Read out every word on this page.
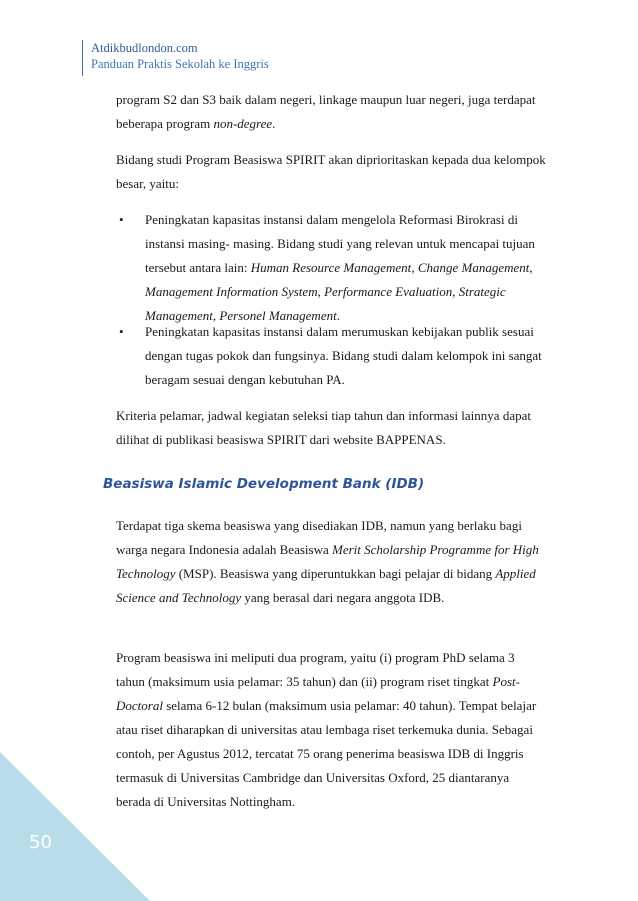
Atdikbudlondon.com
Panduan Praktis Sekolah ke Inggris

program S2 dan S3 baik dalam negeri, linkage maupun luar negeri, juga terdapat beberapa program non-degree.

Bidang studi Program Beasiswa SPIRIT akan diprioritaskan kepada dua kelompok besar, yaitu:

• Peningkatan kapasitas instansi dalam mengelola Reformasi Birokrasi di instansi masing- masing. Bidang studi yang relevan untuk mencapai tujuan tersebut antara lain: Human Resource Management, Change Management, Management Information System, Performance Evaluation, Strategic Management, Personel Management.
• Peningkatan kapasitas instansi dalam merumuskan kebijakan publik sesuai dengan tugas pokok dan fungsinya. Bidang studi dalam kelompok ini sangat beragam sesuai dengan kebutuhan PA.

Kriteria pelamar, jadwal kegiatan seleksi tiap tahun dan informasi lainnya dapat dilihat di publikasi beasiswa SPIRIT dari website BAPPENAS.

Beasiswa Islamic Development Bank (IDB)

Terdapat tiga skema beasiswa yang disediakan IDB, namun yang berlaku bagi warga negara Indonesia adalah Beasiswa Merit Scholarship Programme for High Technology (MSP). Beasiswa yang diperuntukkan bagi pelajar di bidang Applied Science and Technology yang berasal dari negara anggota IDB.

Program beasiswa ini meliputi dua program, yaitu (i) program PhD selama 3 tahun (maksimum usia pelamar: 35 tahun) dan (ii) program riset tingkat Post-Doctoral selama 6-12 bulan (maksimum usia pelamar: 40 tahun). Tempat belajar atau riset diharapkan di universitas atau lembaga riset terkemuka dunia. Sebagai contoh, per Agustus 2012, tercatat 75 orang penerima beasiswa IDB di Inggris termasuk di Universitas Cambridge dan Universitas Oxford, 25 diantaranya berada di Universitas Nottingham.

50
